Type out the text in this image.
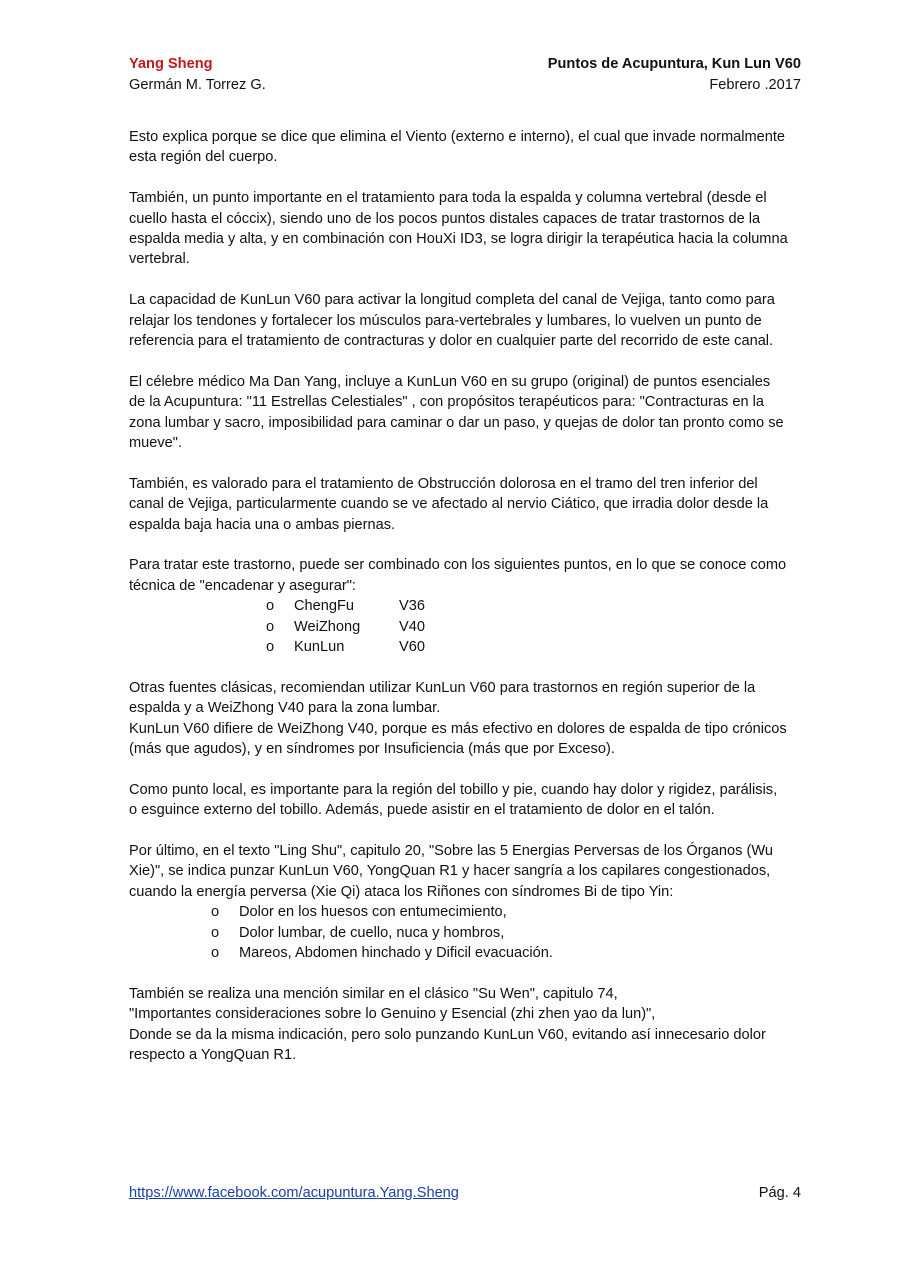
Yang Sheng	Puntos de Acupuntura, Kun Lun V60
Germán M. Torrez G.	Febrero .2017

Esto explica porque se dice que elimina el Viento (externo e interno), el cual que invade normalmente esta región del cuerpo.

También, un punto importante en el tratamiento para toda la espalda y columna vertebral (desde el cuello hasta el cóccix), siendo uno de los pocos puntos distales capaces de tratar trastornos de la espalda media y alta, y en combinación con HouXi ID3, se logra dirigir la terapéutica hacia la columna vertebral.

La capacidad de KunLun V60 para activar la longitud completa del canal de Vejiga, tanto como para relajar los tendones y fortalecer los músculos para-vertebrales y lumbares, lo vuelven un punto de referencia para el tratamiento de contracturas y dolor en cualquier parte del recorrido de este canal.

El célebre médico Ma Dan Yang, incluye a KunLun V60 en su grupo (original) de puntos esenciales de la Acupuntura: "11 Estrellas Celestiales" , con propósitos terapéuticos para: "Contracturas en la zona lumbar y sacro, imposibilidad para caminar o dar un paso, y quejas de dolor tan pronto como se mueve".

También, es valorado para el tratamiento de Obstrucción dolorosa en el tramo del tren inferior del canal de Vejiga, particularmente cuando se ve afectado al nervio Ciático, que irradia dolor desde la espalda baja hacia una o ambas piernas.

Para tratar este trastorno, puede ser combinado con los siguientes puntos, en lo que se conoce como técnica de "encadenar y asegurar":

o	ChengFu	V36
o	WeiZhong	V40
o	KunLun	V60

Otras fuentes clásicas, recomiendan utilizar KunLun V60 para trastornos en región superior de la espalda y a WeiZhong V40 para la zona lumbar.

KunLun V60 difiere de WeiZhong V40, porque es más efectivo en dolores de espalda de tipo crónicos (más que agudos), y en síndromes por Insuficiencia (más que por Exceso).

Como punto local, es importante para la región del tobillo y pie, cuando hay dolor y rigidez, parálisis, o esguince externo del tobillo. Además, puede asistir en el tratamiento de dolor en el talón.

Por último, en el texto "Ling Shu", capitulo 20, "Sobre las 5 Energias Perversas de los Órganos (Wu Xie)", se indica punzar KunLun V60, YongQuan R1 y hacer sangría a los capilares congestionados, cuando la energía perversa (Xie Qi) ataca los Riñones con síndromes Bi de tipo Yin:

o	Dolor en los huesos con entumecimiento,
o	Dolor lumbar, de cuello, nuca y hombros,
o	Mareos, Abdomen hinchado y Dificil evacuación.

También se realiza una mención similar en el clásico "Su Wen", capitulo 74,

"Importantes consideraciones sobre lo Genuino y Esencial (zhi zhen yao da lun)",

Donde se da la misma indicación, pero solo punzando KunLun V60, evitando así innecesario dolor respecto a YongQuan R1.

https://www.facebook.com/acupuntura.Yang.Sheng	Pág. 4
